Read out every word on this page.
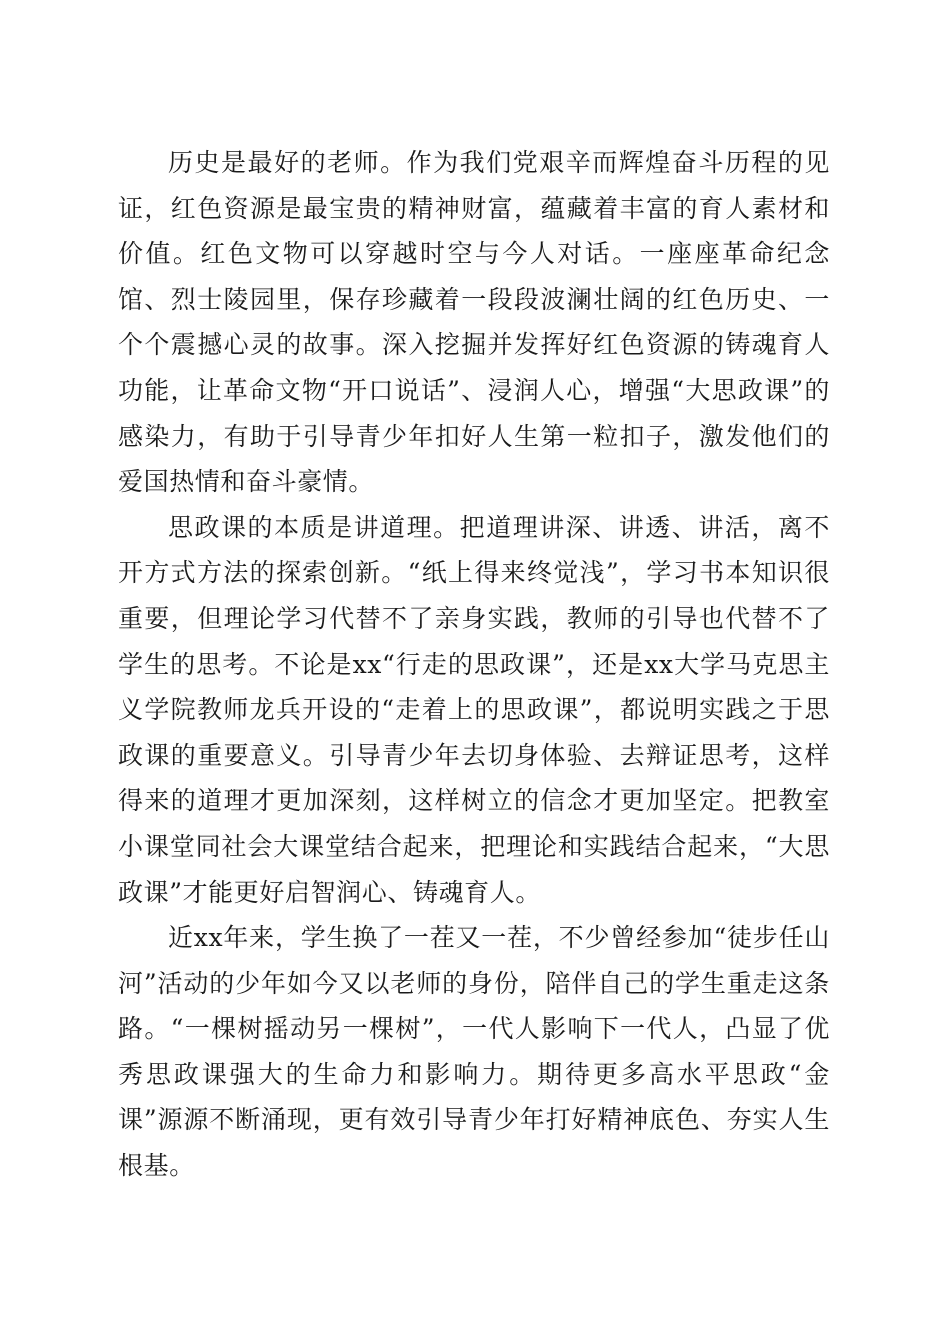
历史是最好的老师。作为我们党艰辛而辉煌奋斗历程的见证，红色资源是最宝贵的精神财富，蕴藏着丰富的育人素材和价值。红色文物可以穿越时空与今人对话。一座座革命纪念馆、烈士陵园里，保存珍藏着一段段波澜壮阔的红色历史、一个个震撼心灵的故事。深入挖掘并发挥好红色资源的铸魂育人功能，让革命文物“开口说话”、浸润人心，增强“大思政课”的感染力，有助于引导青少年扣好人生第一粒扣子，激发他们的爱国热情和奋斗豪情。

思政课的本质是讲道理。把道理讲深、讲透、讲活，离不开方式方法的探索创新。“纸上得来终觉浅”，学习书本知识很重要，但理论学习代替不了亲身实践，教师的引导也代替不了学生的思考。不论是xx“行走的思政课”，还是xx大学马克思主义学院教师龙兵开设的“走着上的思政课”，都说明实践之于思政课的重要意义。引导青少年去切身体验、去辩证思考，这样得来的道理才更加深刻，这样树立的信念才更加坚定。把教室小课堂同社会大课堂结合起来，把理论和实践结合起来，“大思政课”才能更好启智润心、铸魂育人。

近xx年来，学生换了一茬又一茬，不少曾经参加“徒步任山河”活动的少年如今又以老师的身份，陪伴自己的学生重走这条路。“一棵树摇动另一棵树”，一代人影响下一代人，凸显了优秀思政课强大的生命力和影响力。期待更多高水平思政“金课”源源不断涌现，更有效引导青少年打好精神底色、夯实人生根基。
